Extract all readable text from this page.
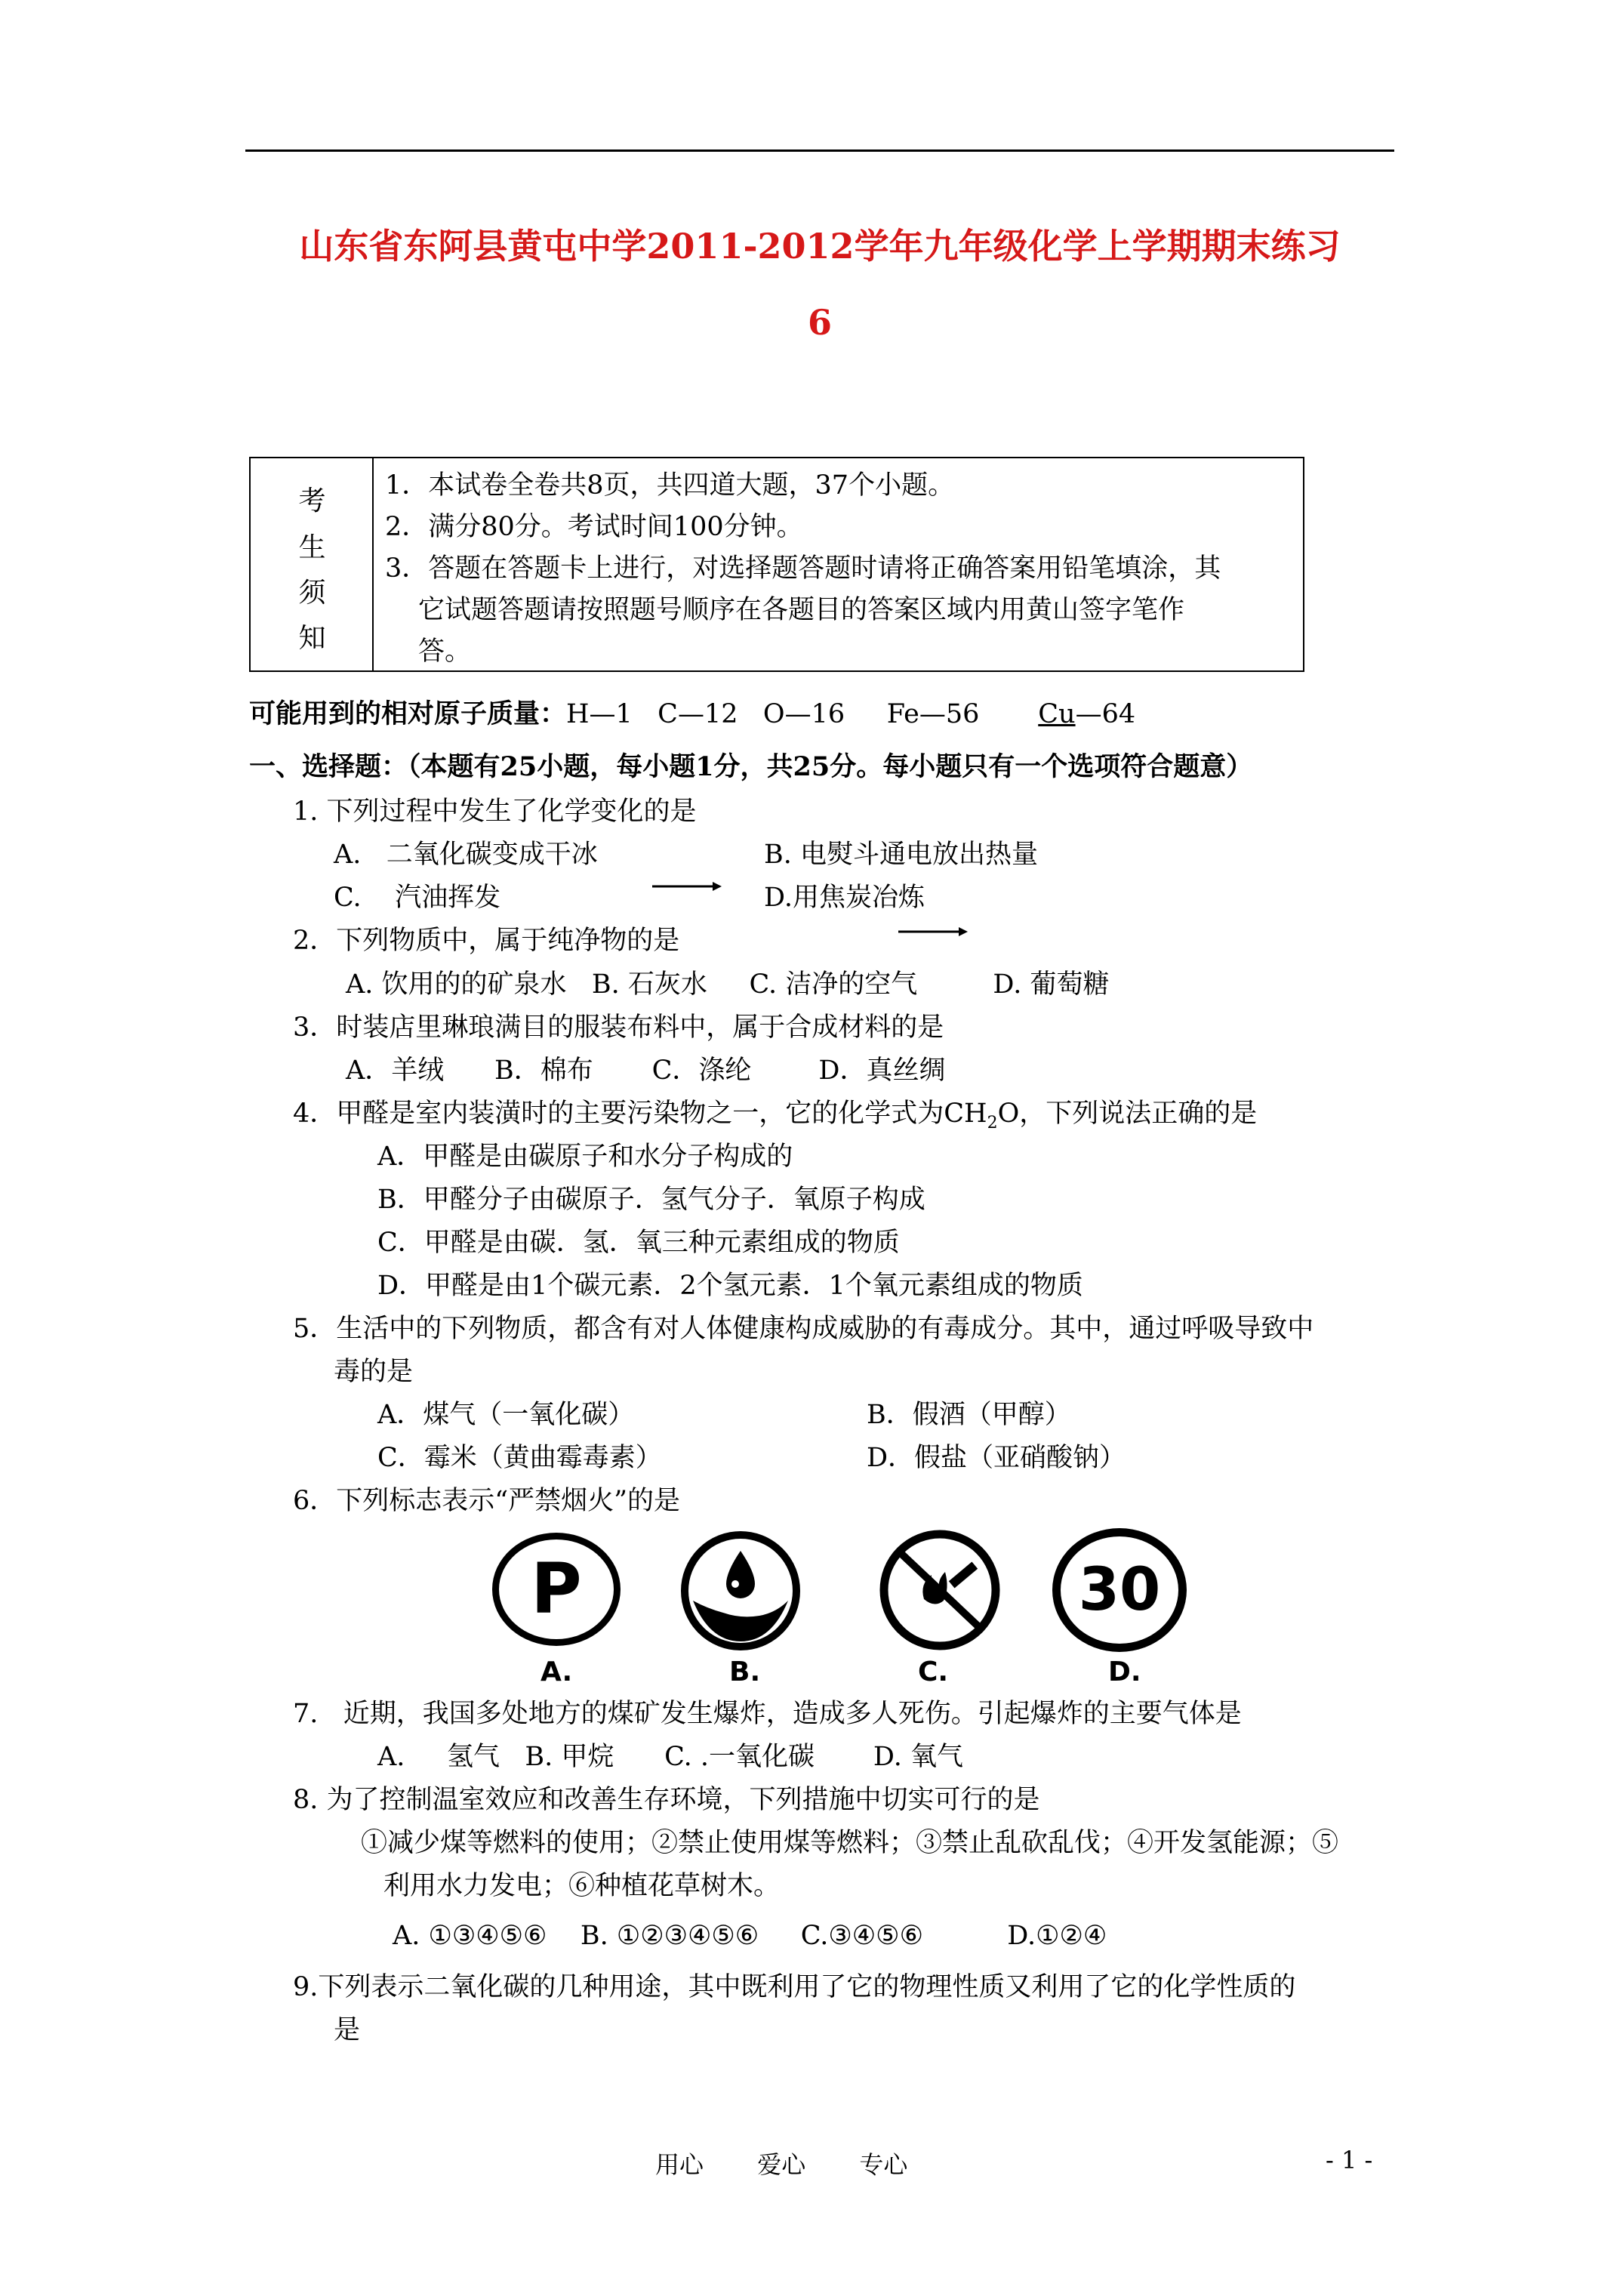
山东省东阿县黄屯中学2011-2012学年九年级化学上学期期末练习
6
考
生
须
知
1．本试卷全卷共8页，共四道大题，37个小题。
2．满分80分。考试时间100分钟。
3．答题在答题卡上进行，对选择题答题时请将正确答案用铅笔填涂，其
它试题答题请按照题号顺序在各题目的答案区域内用黄山签字笔作
答。
可能用到的相对原子质量：H—1   C—12   O—16     Fe—56       Cu—64
一、选择题：（本题有25小题，每小题1分，共25分。每小题只有一个选项符合题意）
1. 下列过程中发生了化学变化的是
A.   二氧化碳变成干冰	B. 电熨斗通电放出热量
C.    汽油挥发	D.用焦炭冶炼
2．下列物质中，属于纯净物的是
A. 饮用的的矿泉水   B. 石灰水     C. 洁净的空气         D. 葡萄糖
3．时装店里琳琅满目的服装布料中，属于合成材料的是
A．羊绒      B．棉布       C．涤纶        D．真丝绸
4．甲醛是室内装潢时的主要污染物之一，它的化学式为$CH_2O$，下列说法正确的是
A．甲醛是由碳原子和水分子构成的
B．甲醛分子由碳原子．氢气分子．氧原子构成
C．甲醛是由碳．氢．氧三种元素组成的物质
D．甲醛是由1个碳元素．2个氢元素．1个氧元素组成的物质
5．生活中的下列物质，都含有对人体健康构成威胁的有毒成分。其中，通过呼吸导致中
毒的是
A．煤气（一氧化碳）	B．假酒（甲醇）
C．霉米（黄曲霉毒素）	D．假盐（亚硝酸钠）
6．下列标志表示“严禁烟火”的是
P	30
A.	B.	C.	D.
7.   近期，我国多处地方的煤矿发生爆炸，造成多人死伤。引起爆炸的主要气体是
A.     氢气   B. 甲烷      C. .一氧化碳       D. 氧气
8. 为了控制温室效应和改善生存环境，下列措施中切实可行的是
①减少煤等燃料的使用；②禁止使用煤等燃料；③禁止乱砍乱伐；④开发氢能源；⑤
利用水力发电；⑥种植花草树木。
A. ①③④⑤⑥    B. ①②③④⑤⑥     C.③④⑤⑥          D.①②④
9.下列表示二氧化碳的几种用途，其中既利用了它的物理性质又利用了它的化学性质的
是
用心       爱心       专心	- 1 -
